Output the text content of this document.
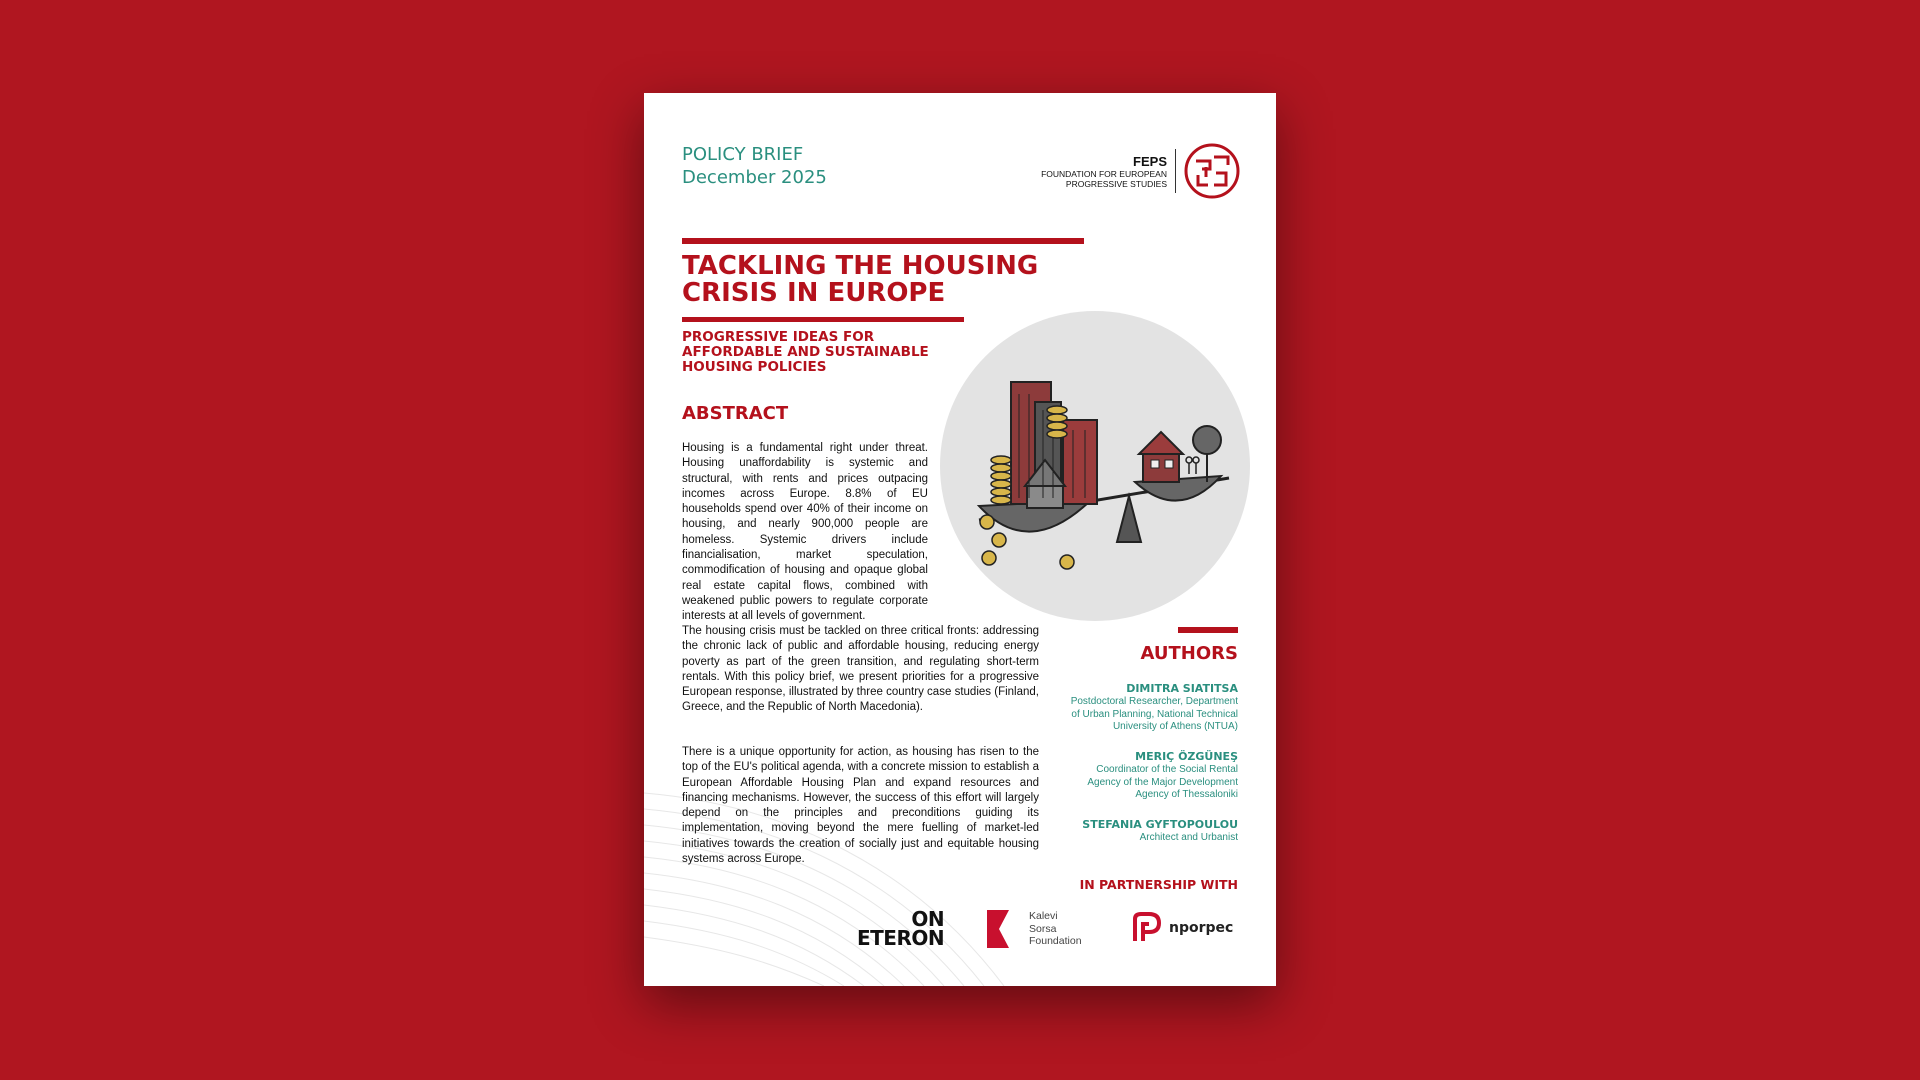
POLICY BRIEF
December 2025
FEPS
FOUNDATION FOR EUROPEAN
PROGRESSIVE STUDIES
TACKLING THE HOUSING
CRISIS IN EUROPE
PROGRESSIVE IDEAS FOR
AFFORDABLE AND SUSTAINABLE
HOUSING POLICIES
ABSTRACT
Housing is a fundamental right under threat. Housing unaffordability is systemic and structural, with rents and prices outpacing incomes across Europe. 8.8% of EU households spend over 40% of their income on housing, and nearly 900,000 people are homeless. Systemic drivers include financialisation, market speculation, commodification of housing and opaque global real estate capital flows, combined with weakened public powers to regulate corporate interests at all levels of government.
The housing crisis must be tackled on three critical fronts: addressing the chronic lack of public and affordable housing, reducing energy poverty as part of the green transition, and regulating short-term rentals. With this policy brief, we present priorities for a progressive European response, illustrated by three country case studies (Finland, Greece, and the Republic of North Macedonia).
There is a unique opportunity for action, as housing has risen to the top of the EU's political agenda, with a concrete mission to establish a European Affordable Housing Plan and expand resources and financing mechanisms. However, the success of this effort will largely depend on the principles and preconditions guiding its implementation, moving beyond the mere fuelling of market-led initiatives towards the creation of socially just and equitable housing systems across Europe.
AUTHORS
DIMITRA SIATITSA
Postdoctoral Researcher, Department
of Urban Planning, National Technical
University of Athens (NTUA)
MERIÇ ÖZGÜNEŞ
Coordinator of the Social Rental
Agency of the Major Development
Agency of Thessaloniki
STEFANIA GYFTOPOULOU
Architect and Urbanist
IN PARTNERSHIP WITH
ON
ETERON
Kalevi
Sorsa
Foundation
nporpec
